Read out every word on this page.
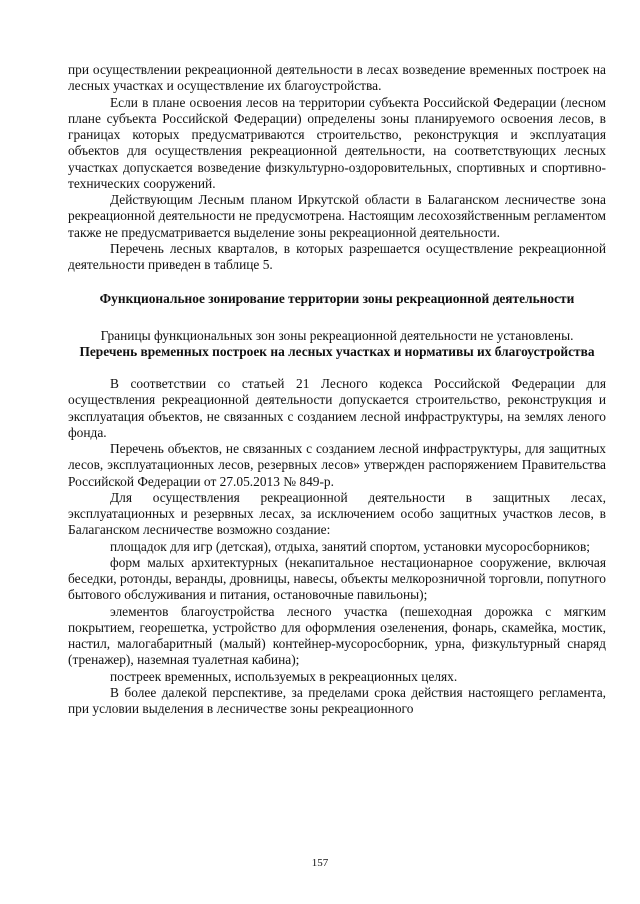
при осуществлении рекреационной деятельности в лесах возведение временных построек на лесных участках и осуществление их благоустройства.

Если в плане освоения лесов на территории субъекта Российской Федерации (лесном плане субъекта Российской Федерации) определены зоны планируемого освоения лесов, в границах которых предусматриваются строительство, реконструкция и эксплуатация объектов для осуществления рекреационной деятельности, на соответствующих лесных участках допускается возведение физкультурно-оздоровительных, спортивных и спортивно-технических сооружений.

Действующим Лесным планом Иркутской области в Балаганском лесничестве зона рекреационной деятельности не предусмотрена. Настоящим лесохозяйственным регламентом также не предусматривается выделение зоны рекреационной деятельности.

Перечень лесных кварталов, в которых разрешается осуществление рекреационной деятельности приведен в таблице 5.

Функциональное зонирование территории зоны рекреационной деятельности

Границы функциональных зон зоны рекреационной деятельности не установлены.

Перечень временных построек на лесных участках и нормативы их благоустройства

В соответствии со статьей 21 Лесного кодекса Российской Федерации для осуществления рекреационной деятельности допускается строительство, реконструкция и эксплуатация объектов, не связанных с созданием лесной инфраструктуры, на землях леного фонда.

Перечень объектов, не связанных с созданием лесной инфраструктуры, для защитных лесов, эксплуатационных лесов, резервных лесов» утвержден распоряжением Правительства Российской Федерации от 27.05.2013 № 849-р.

Для осуществления рекреационной деятельности в защитных лесах, эксплуатационных и резервных лесах, за исключением особо защитных участков лесов, в Балаганском лесничестве возможно создание:

площадок для игр (детская), отдыха, занятий спортом, установки мусоросборников;

форм малых архитектурных (некапитальное нестационарное сооружение, включая беседки, ротонды, веранды, дровницы, навесы, объекты мелкорозничной торговли, попутного бытового обслуживания и питания, остановочные павильоны);

элементов благоустройства лесного участка (пешеходная дорожка с мягким покрытием, георешетка, устройство для оформления озеленения, фонарь, скамейка, мостик, настил, малогабаритный (малый) контейнер-мусоросборник, урна, физкультурный снаряд (тренажер), наземная туалетная кабина);

постреек временных, используемых в рекреационных целях.

В более далекой перспективе, за пределами срока действия настоящего регламента, при условии выделения в лесничестве зоны рекреационного

157
